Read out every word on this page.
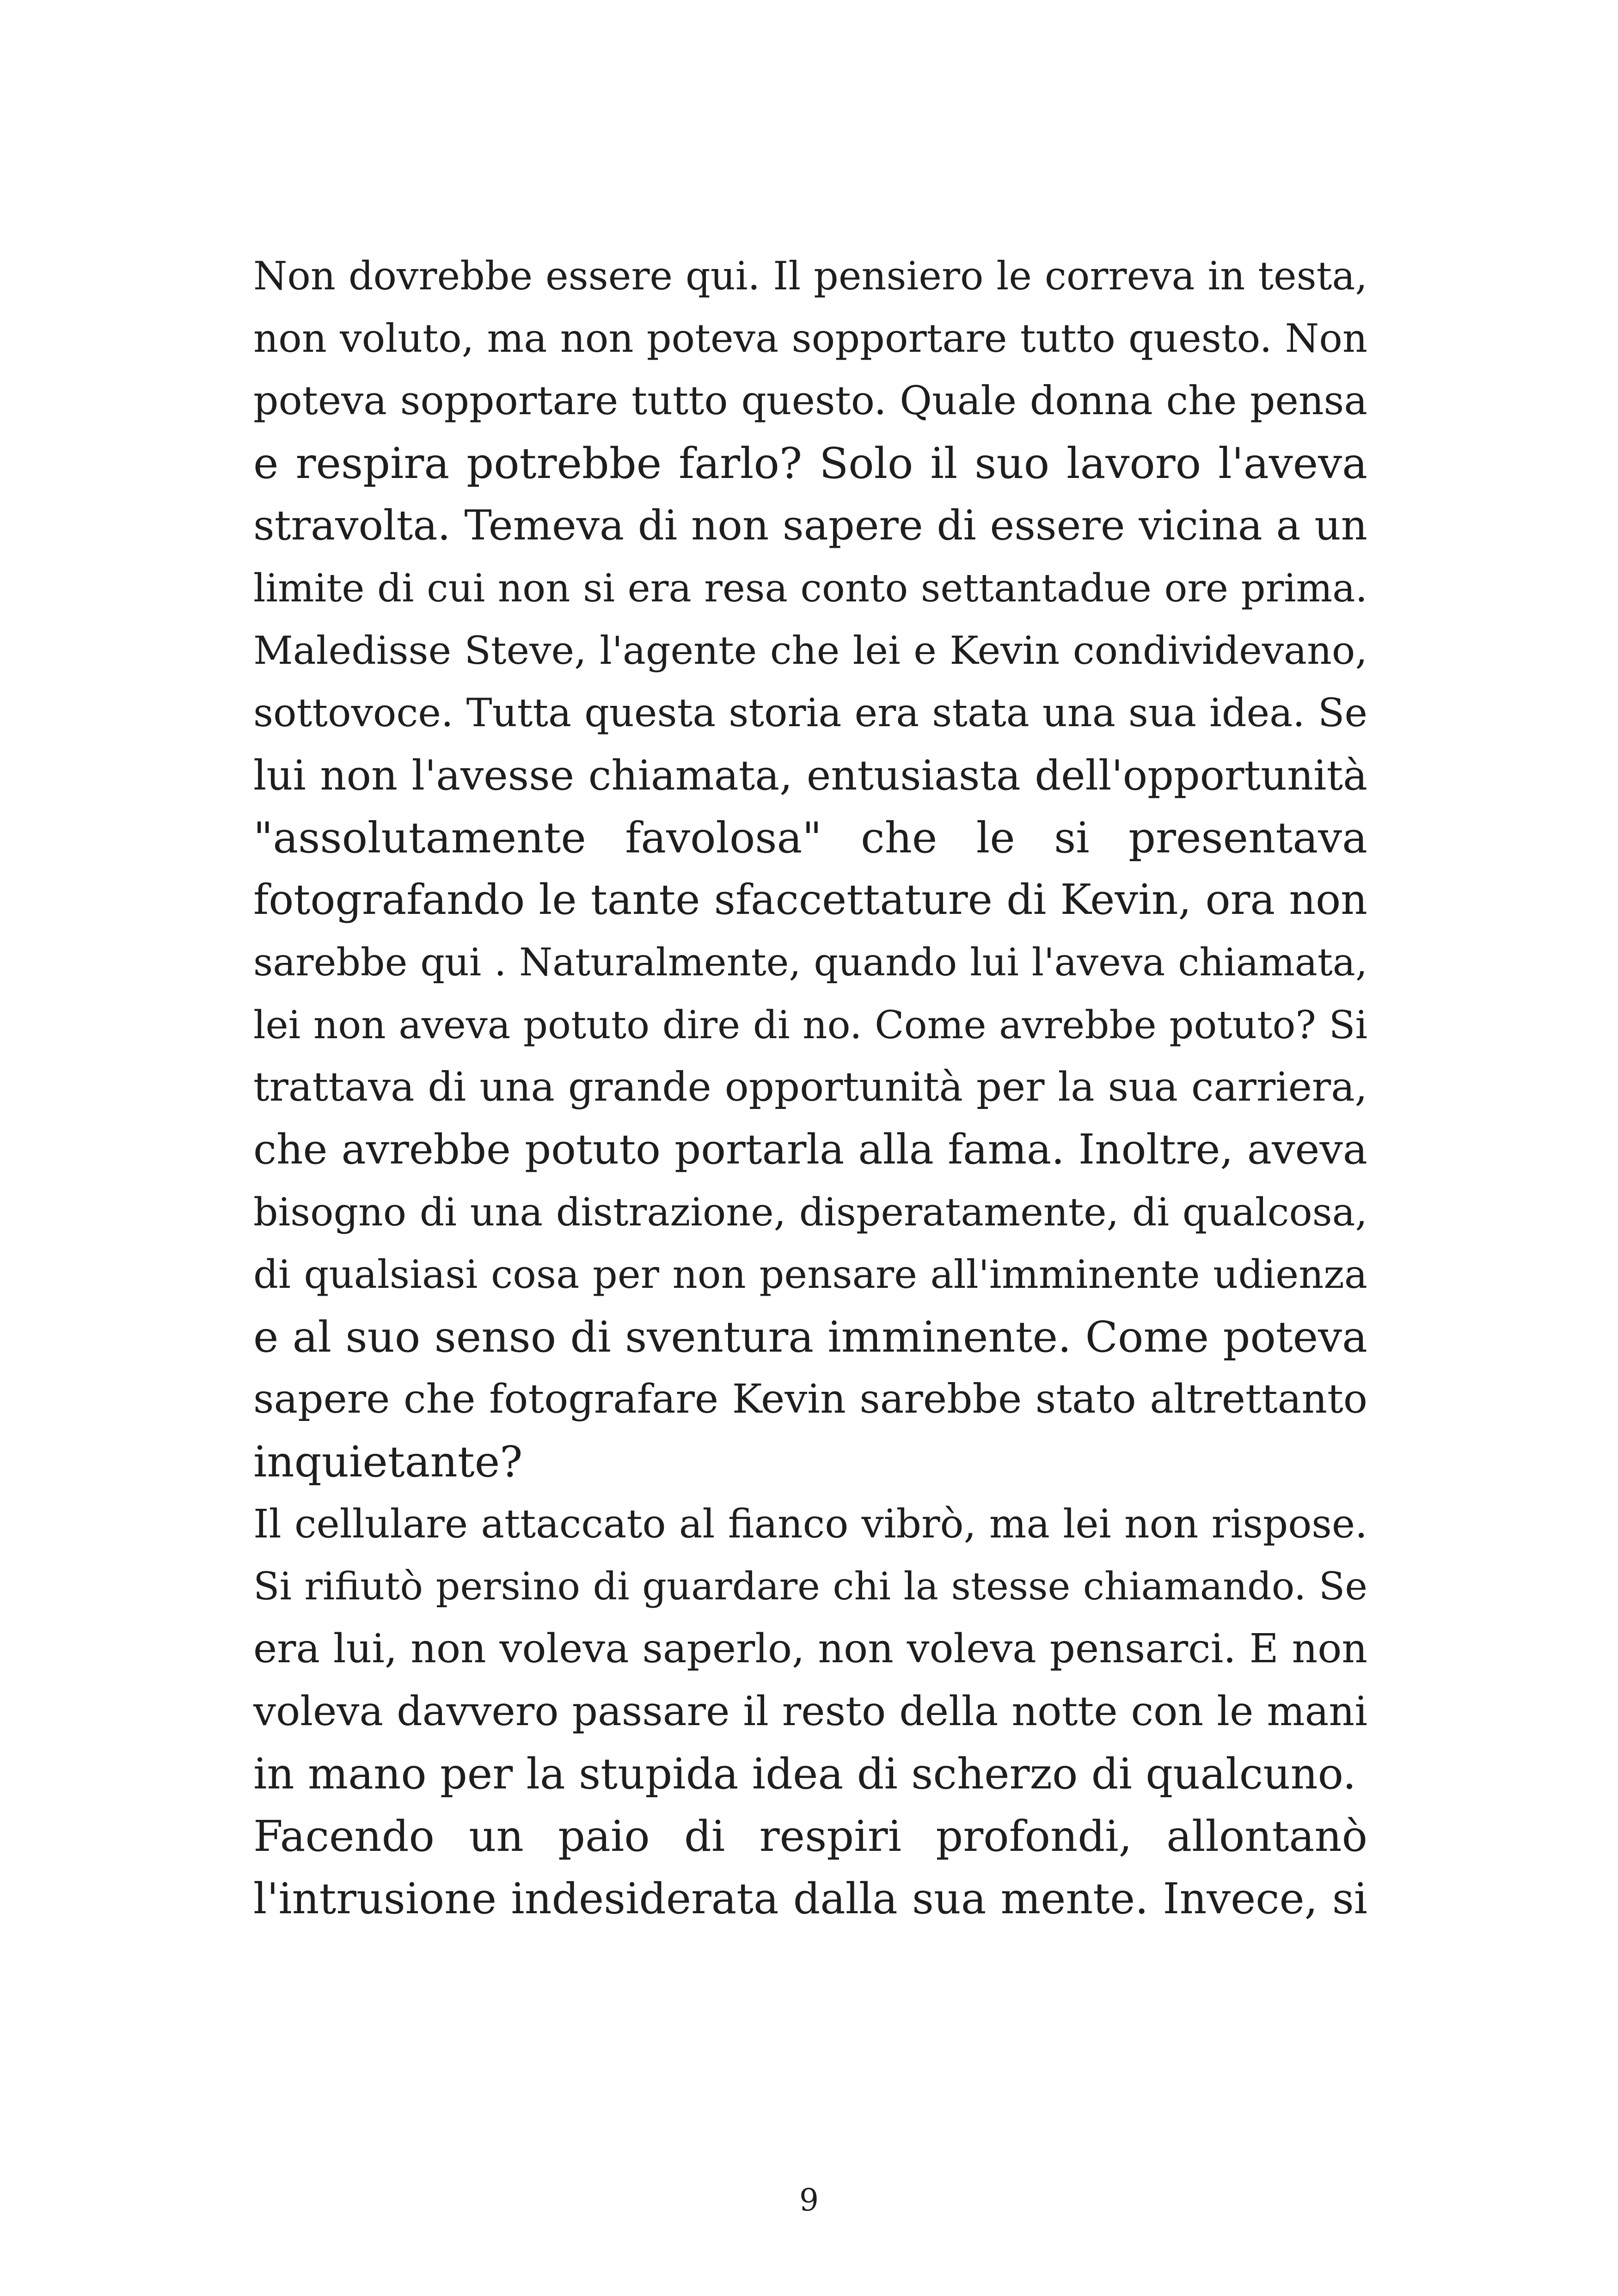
Non dovrebbe essere qui. Il pensiero le correva in testa,
non voluto, ma non poteva sopportare tutto questo. Non
poteva sopportare tutto questo. Quale donna che pensa
e respira potrebbe farlo? Solo il suo lavoro l'aveva
stravolta. Temeva di non sapere di essere vicina a un
limite di cui non si era resa conto settantadue ore prima.
Maledisse Steve, l'agente che lei e Kevin condividevano,
sottovoce. Tutta questa storia era stata una sua idea. Se
lui non l'avesse chiamata, entusiasta dell'opportunità
"assolutamente favolosa" che le si presentava
fotografando le tante sfaccettature di Kevin, ora non
sarebbe qui . Naturalmente, quando lui l'aveva chiamata,
lei non aveva potuto dire di no. Come avrebbe potuto? Si
trattava di una grande opportunità per la sua carriera,
che avrebbe potuto portarla alla fama. Inoltre, aveva
bisogno di una distrazione, disperatamente, di qualcosa,
di qualsiasi cosa per non pensare all'imminente udienza
e al suo senso di sventura imminente. Come poteva
sapere che fotografare Kevin sarebbe stato altrettanto
inquietante?
Il cellulare attaccato al fianco vibrò, ma lei non rispose.
Si rifiutò persino di guardare chi la stesse chiamando. Se
era lui, non voleva saperlo, non voleva pensarci. E non
voleva davvero passare il resto della notte con le mani
in mano per la stupida idea di scherzo di qualcuno.
Facendo un paio di respiri profondi, allontanò
l'intrusione indesiderata dalla sua mente. Invece, si
9
